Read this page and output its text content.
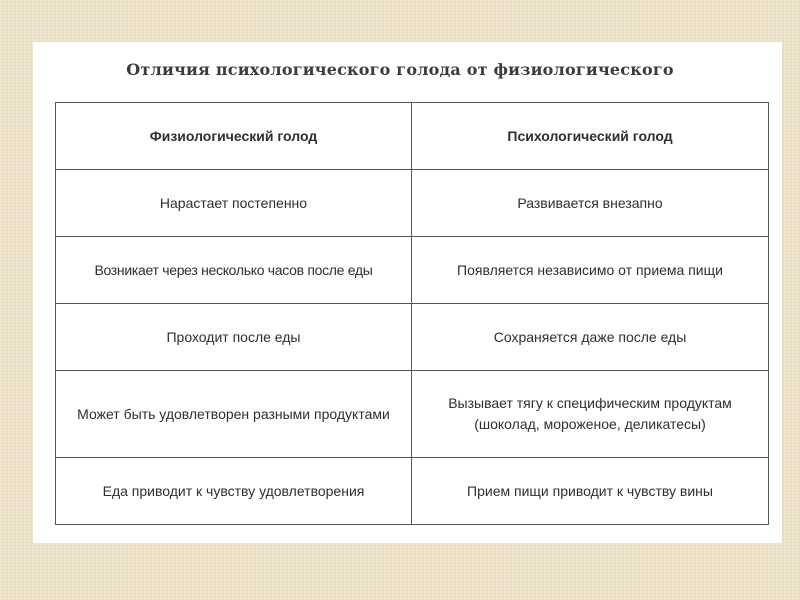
Отличия психологического голода от физиологического
Физиологический голод	Психологический голод
Нарастает постепенно	Развивается внезапно
Возникает через несколько часов после еды	Появляется независимо от приема пищи
Проходит после еды	Сохраняется даже после еды
Может быть удовлетворен разными продуктами	Вызывает тягу к специфическим продуктам (шоколад, мороженое, деликатесы)
Еда приводит к чувству удовлетворения	Прием пищи приводит к чувству вины
